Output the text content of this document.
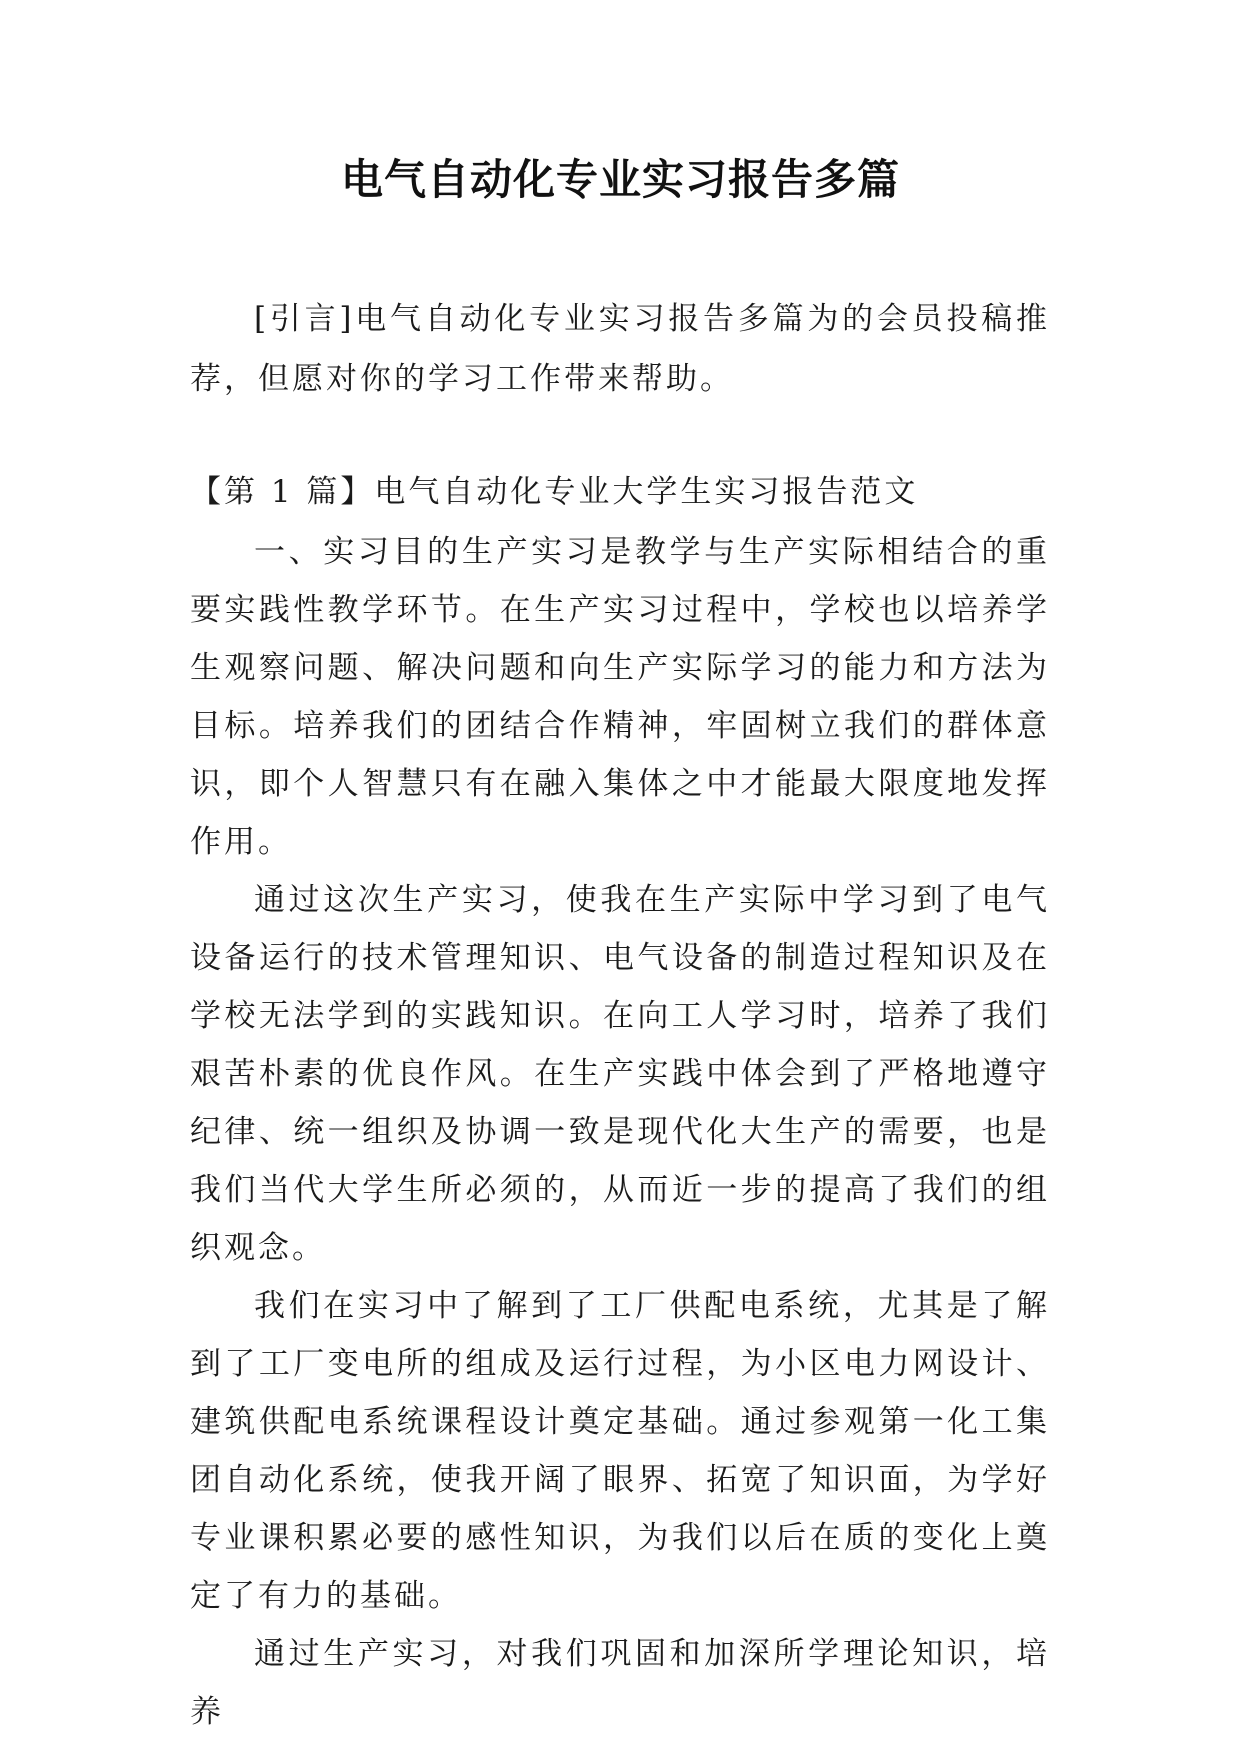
电气自动化专业实习报告多篇
[引言]电气自动化专业实习报告多篇为的会员投稿推荐，但愿对你的学习工作带来帮助。
【第 1 篇】电气自动化专业大学生实习报告范文

一、实习目的生产实习是教学与生产实际相结合的重要实践性教学环节。在生产实习过程中，学校也以培养学生观察问题、解决问题和向生产实际学习的能力和方法为目标。培养我们的团结合作精神，牢固树立我们的群体意识，即个人智慧只有在融入集体之中才能最大限度地发挥作用。

通过这次生产实习，使我在生产实际中学习到了电气设备运行的技术管理知识、电气设备的制造过程知识及在学校无法学到的实践知识。在向工人学习时，培养了我们艰苦朴素的优良作风。在生产实践中体会到了严格地遵守纪律、统一组织及协调一致是现代化大生产的需要，也是我们当代大学生所必须的，从而近一步的提高了我们的组织观念。

我们在实习中了解到了工厂供配电系统，尤其是了解到了工厂变电所的组成及运行过程，为小区电力网设计、建筑供配电系统课程设计奠定基础。通过参观第一化工集团自动化系统，使我开阔了眼界、拓宽了知识面，为学好专业课积累必要的感性知识，为我们以后在质的变化上奠定了有力的基础。

通过生产实习，对我们巩固和加深所学理论知识，培养
